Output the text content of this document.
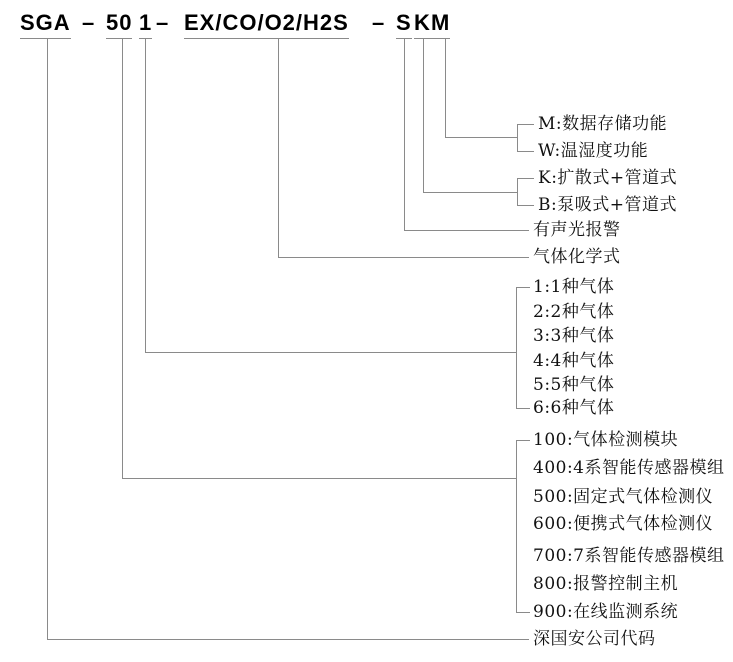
SGA – 50 1 – EX/CO/O2/H2S – S K M
M:数据存储功能
W:温湿度功能
K:扩散式+管道式
B:泵吸式+管道式
有声光报警
气体化学式
1:1种气体
2:2种气体
3:3种气体
4:4种气体
5:5种气体
6:6种气体
100:气体检测模块
400:4系智能传感器模组
500:固定式气体检测仪
600:便携式气体检测仪
700:7系智能传感器模组
800:报警控制主机
900:在线监测系统
深国安公司代码
